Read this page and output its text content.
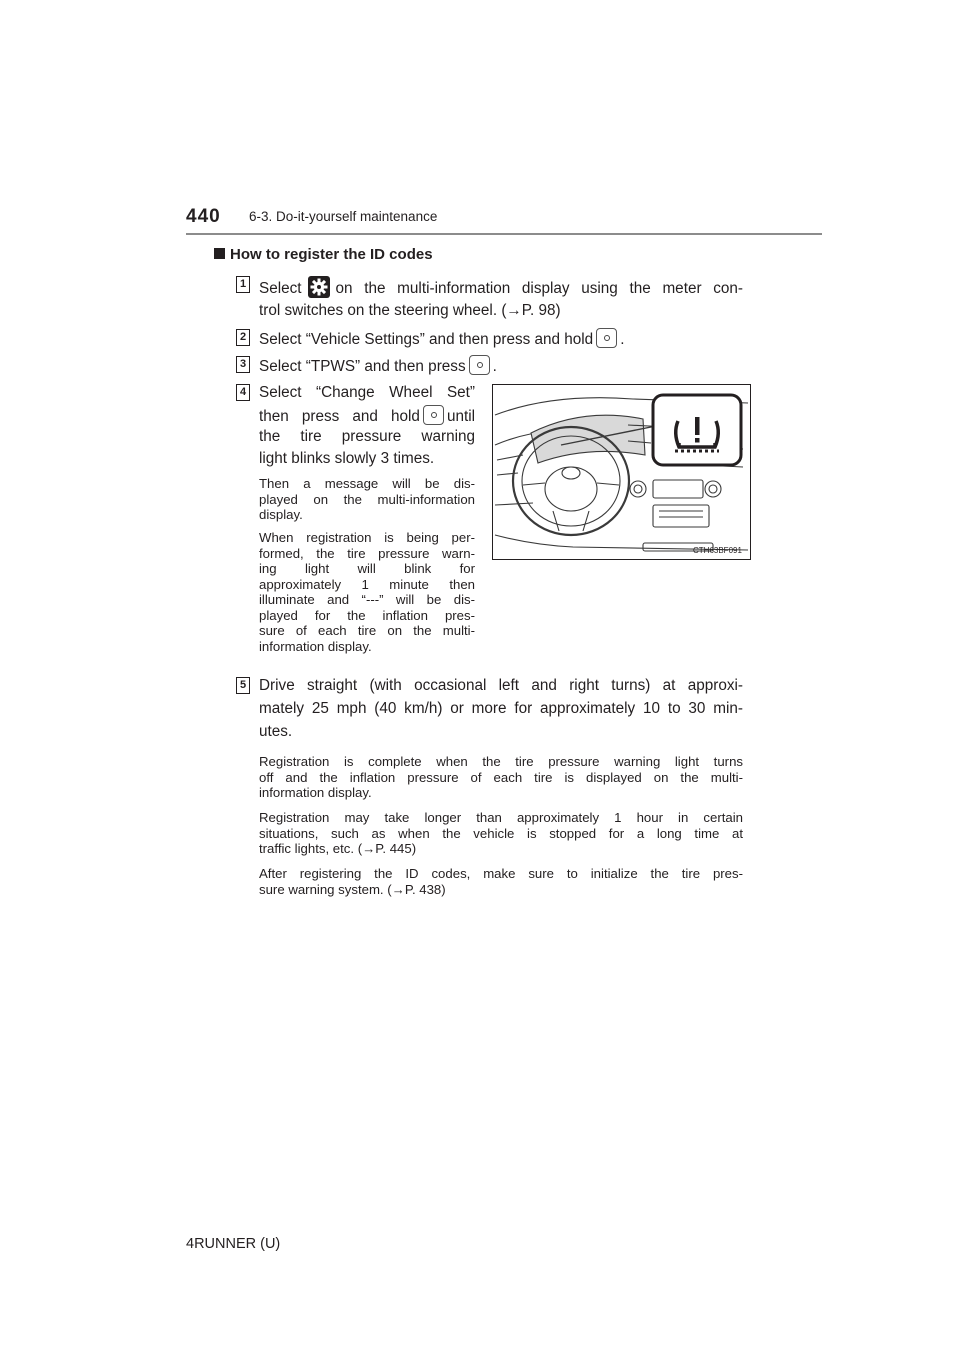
440 6-3. Do-it-yourself maintenance
How to register the ID codes
1 Select on the multi-information display using the meter con-
trol switches on the steering wheel. (→P. 98)
2 Select “Vehicle Settings” and then press and hold .
3 Select “TPWS” and then press .
4 Select “Change Wheel Set”
then press and hold until
the tire pressure warning
light blinks slowly 3 times.
Then a message will be dis-
played on the multi-information
display.
When registration is being per-
formed, the tire pressure warn-
ing light will blink for
approximately 1 minute then
illuminate and “---” will be dis-
played for the inflation pres-
sure of each tire on the multi-
information display.
CTH63BF091
5 Drive straight (with occasional left and right turns) at approxi-
mately 25 mph (40 km/h) or more for approximately 10 to 30 min-
utes.
Registration is complete when the tire pressure warning light turns
off and the inflation pressure of each tire is displayed on the multi-
information display.
Registration may take longer than approximately 1 hour in certain
situations, such as when the vehicle is stopped for a long time at
traffic lights, etc. (→P. 445)
After registering the ID codes, make sure to initialize the tire pres-
sure warning system. (→P. 438)
4RUNNER (U)
